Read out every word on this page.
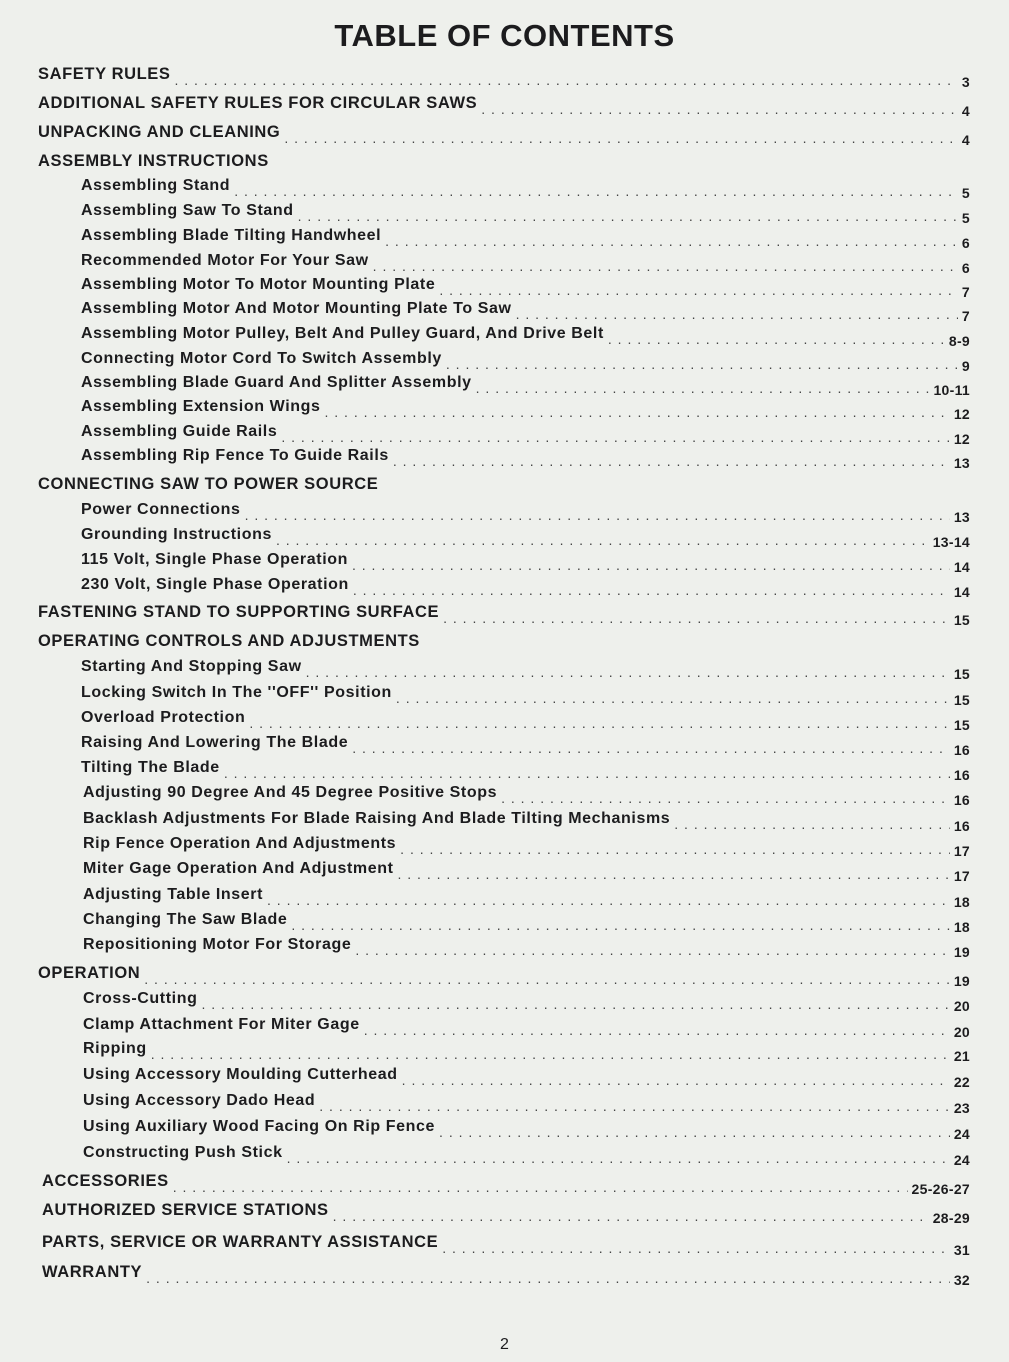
TABLE OF CONTENTS
SAFETY RULES . . .	3
ADDITIONAL SAFETY RULES FOR CIRCULAR SAWS . . .	4
UNPACKING AND CLEANING . . .	4
ASSEMBLY INSTRUCTIONS
Assembling Stand . . .	5
Assembling Saw To Stand . . .	5
Assembling Blade Tilting Handwheel . . .	6
Recommended Motor For Your Saw . . .	6
Assembling Motor To Motor Mounting Plate . . .	7
Assembling Motor And Motor Mounting Plate To Saw . . .	7
Assembling Motor Pulley, Belt And Pulley Guard, And Drive Belt . . .	8-9
Connecting Motor Cord To Switch Assembly . . .	9
Assembling Blade Guard And Splitter Assembly . . .	10-11
Assembling Extension Wings . . .	12
Assembling Guide Rails . . .	12
Assembling Rip Fence To Guide Rails . . .	13
CONNECTING SAW TO POWER SOURCE
Power Connections . . .	13
Grounding Instructions . . .	13-14
115 Volt, Single Phase Operation . . .	14
230 Volt, Single Phase Operation . . .	14
FASTENING STAND TO SUPPORTING SURFACE . . .	15
OPERATING CONTROLS AND ADJUSTMENTS
Starting And Stopping Saw . . .	15
Locking Switch In The ''OFF'' Position . . .	15
Overload Protection . . .	15
Raising And Lowering The Blade . . .	16
Tilting The Blade . . .	16
Adjusting 90 Degree And 45 Degree Positive Stops . . .	16
Backlash Adjustments For Blade Raising And Blade Tilting Mechanisms . . .	16
Rip Fence Operation And Adjustments . . .	17
Miter Gage Operation And Adjustment . . .	17
Adjusting Table Insert . . .	18
Changing The Saw Blade . . .	18
Repositioning Motor For Storage . . .	19
OPERATION . . .	19
Cross-Cutting . . .	20
Clamp Attachment For Miter Gage . . .	20
Ripping . . .	21
Using Accessory Moulding Cutterhead . . .	22
Using Accessory Dado Head . . .	23
Using Auxiliary Wood Facing On Rip Fence . . .	24
Constructing Push Stick . . .	24
ACCESSORIES . . .	25-26-27
AUTHORIZED SERVICE STATIONS . . .	28-29
PARTS, SERVICE OR WARRANTY ASSISTANCE . . .	31
WARRANTY . . .	32
2
